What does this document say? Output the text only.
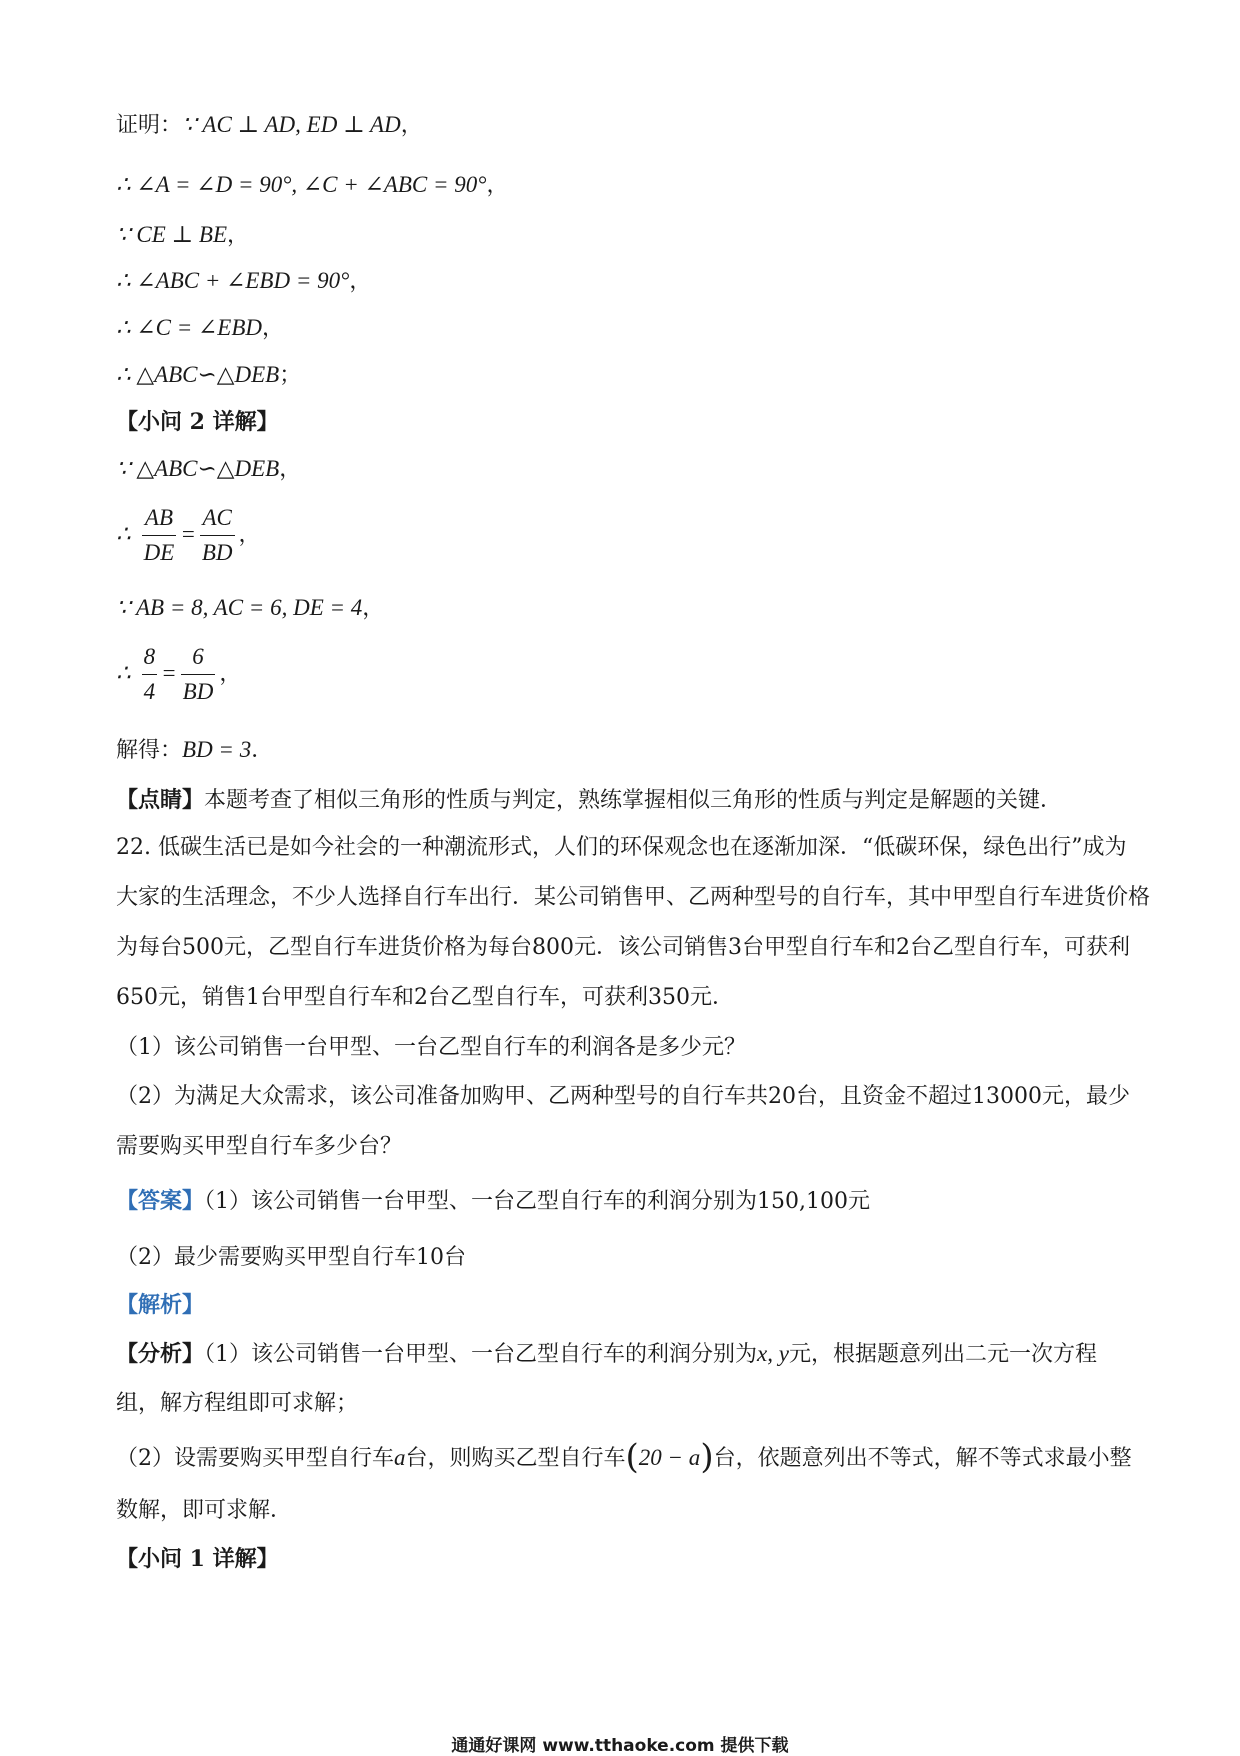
证明：∵ AC ⊥ AD, ED ⊥ AD，
∴ ∠A = ∠D = 90°, ∠C + ∠ABC = 90°，
∵ CE ⊥ BE，
∴ ∠ABC + ∠EBD = 90°，
∴ ∠C = ∠EBD，
∴ △ABC∽△DEB；
【小问 2 详解】
∵ △ABC∽△DEB，
∴ $\frac{AB}{DE} = \frac{AC}{BD}$ ，
∵ AB = 8, AC = 6, DE = 4，
∴ $\frac{8}{4} = \frac{6}{BD}$ ，
解得：BD = 3．
【点睛】本题考查了相似三角形的性质与判定，熟练掌握相似三角形的性质与判定是解题的关键．
22. 低碳生活已是如今社会的一种潮流形式，人们的环保观念也在逐渐加深．“低碳环保，绿色出行”成为
大家的生活理念，不少人选择自行车出行．某公司销售甲、乙两种型号的自行车，其中甲型自行车进货价格
为每台500元，乙型自行车进货价格为每台800元．该公司销售3台甲型自行车和2台乙型自行车，可获利
650元，销售1台甲型自行车和2台乙型自行车，可获利350元．
（1）该公司销售一台甲型、一台乙型自行车的利润各是多少元？
（2）为满足大众需求，该公司准备加购甲、乙两种型号的自行车共20台，且资金不超过13000元，最少
需要购买甲型自行车多少台？
【答案】（1）该公司销售一台甲型、一台乙型自行车的利润分别为150,100元
（2）最少需要购买甲型自行车10台
【解析】
【分析】（1）该公司销售一台甲型、一台乙型自行车的利润分别为x, y元，根据题意列出二元一次方程
组，解方程组即可求解；
（2）设需要购买甲型自行车a台，则购买乙型自行车(20 − a)台，依题意列出不等式，解不等式求最小整
数解，即可求解．
【小问 1 详解】
通通好课网 www.tthaoke.com 提供下载
